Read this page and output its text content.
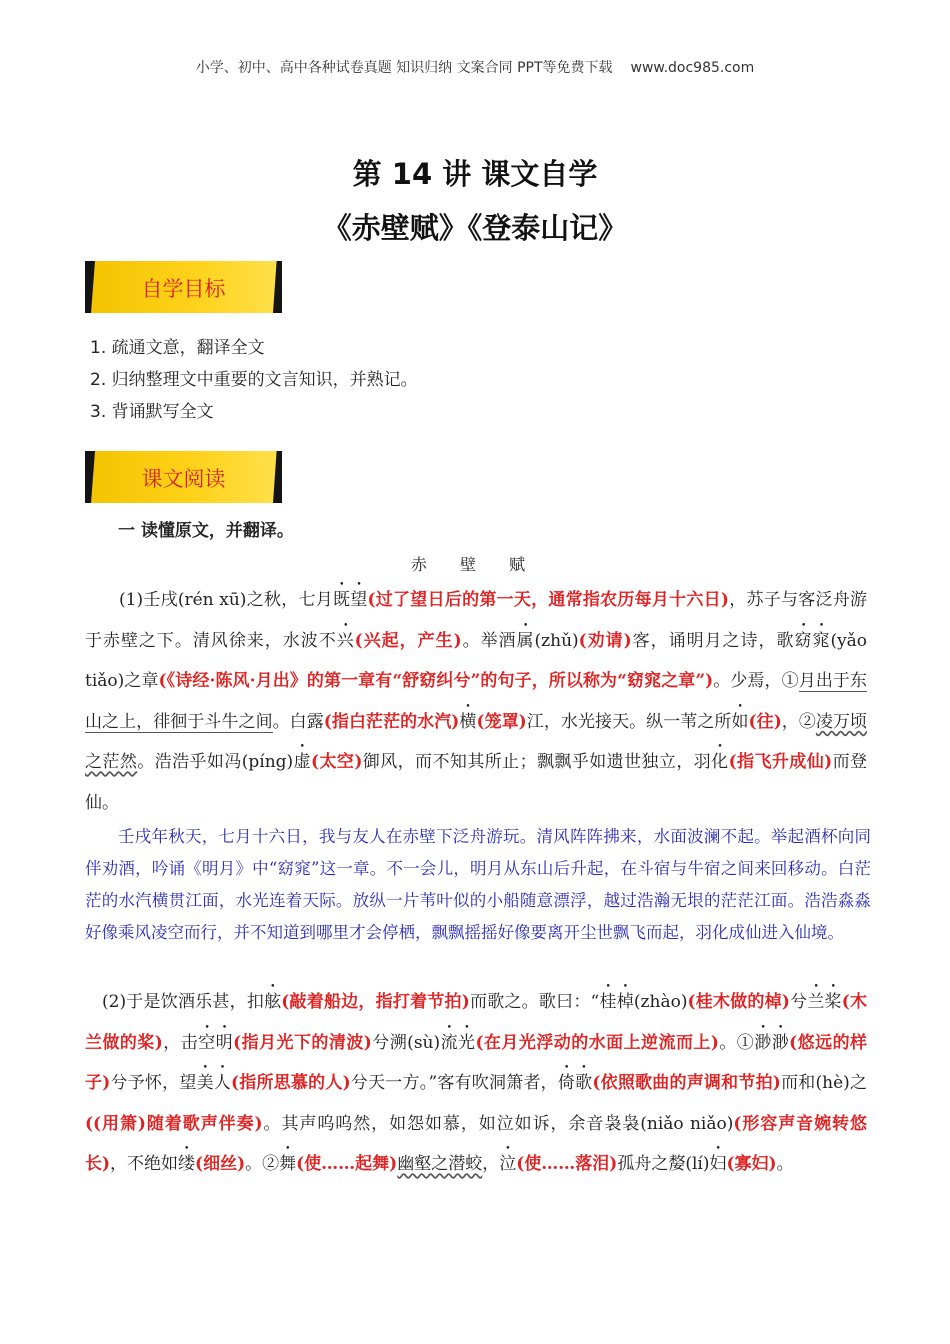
小学、初中、高中各种试卷真题 知识归纳 文案合同 PPT等免费下载 www.doc985.com
第 14 讲 课文自学
《赤壁赋》《登泰山记》
自学目标
1. 疏通文意，翻译全文
2. 归纳整理文中重要的文言知识，并熟记。
3. 背诵默写全文
课文阅读
一 读懂原文，并翻译。
赤 壁 赋
(1)壬戌(rén xū)之秋，七月既望(过了望日后的第一天，通常指农历每月十六日)，苏子与客泛舟游于赤壁之下。清风徐来，水波不兴(兴起，产生)。举酒属(zhǔ)(劝请)客，诵明月之诗，歌窈窕(yǎo tiǎo)之章(《诗经·陈风·月出》的第一章有“舒窈纠兮”的句子，所以称为“窈窕之章”)。少焉，①月出于东山之上，徘徊于斗牛之间。白露(指白茫茫的水汽)横(笼罩)江，水光接天。纵一苇之所如(往)，②凌万顷之茫然。浩浩乎如冯(píng)虚(太空)御风，而不知其所止；飘飘乎如遗世独立，羽化(指飞升成仙)而登仙。
壬戌年秋天，七月十六日，我与友人在赤壁下泛舟游玩。清风阵阵拂来，水面波澜不起。举起酒杯向同伴劝酒，吟诵《明月》中“窈窕”这一章。不一会儿，明月从东山后升起，在斗宿与牛宿之间来回移动。白茫茫的水汽横贯江面，水光连着天际。放纵一片苇叶似的小船随意漂浮，越过浩瀚无垠的茫茫江面。浩浩淼淼好像乘风凌空而行，并不知道到哪里才会停栖，飘飘摇摇好像要离开尘世飘飞而起，羽化成仙进入仙境。
(2)于是饮酒乐甚，扣舷(敲着船边，指打着节拍)而歌之。歌曰：“桂棹(zhào)(桂木做的棹)兮兰桨(木兰做的桨)，击空明(指月光下的清波)兮溯(sù)流光(在月光浮动的水面上逆流而上)。①渺渺(悠远的样子)兮予怀，望美人(指所思慕的人)兮天一方。”客有吹洞箫者，倚歌(依照歌曲的声调和节拍)而和(hè)之((用箫)随着歌声伴奏)。其声呜呜然，如怨如慕，如泣如诉，余音袅袅(niǎo niǎo)(形容声音婉转悠长)，不绝如缕(细丝)。②舞(使……起舞)幽壑之潜蛟，泣(使……落泪)孤舟之嫠(lí)妇(寡妇)。
